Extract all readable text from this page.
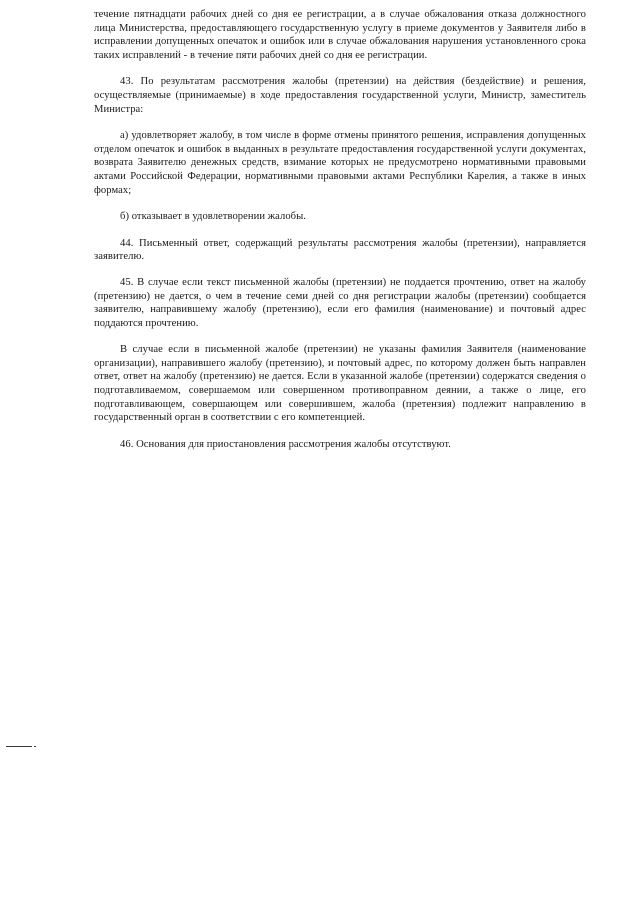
течение пятнадцати рабочих дней со дня ее регистрации, а в случае обжалования отказа должностного лица Министерства, предоставляющего государственную услугу в приеме документов у Заявителя либо в исправлении допущенных опечаток и ошибок или в случае обжалования нарушения установленного срока таких исправлений - в течение пяти рабочих дней со дня ее регистрации.

43. По результатам рассмотрения жалобы (претензии) на действия (бездействие) и решения, осуществляемые (принимаемые) в ходе предоставления государственной услуги, Министр, заместитель Министра:

а) удовлетворяет жалобу, в том числе в форме отмены принятого решения, исправления допущенных отделом опечаток и ошибок в выданных в результате предоставления государственной услуги документах, возврата Заявителю денежных средств, взимание которых не предусмотрено нормативными правовыми актами Российской Федерации, нормативными правовыми актами Республики Карелия, а также в иных формах;

б) отказывает в удовлетворении жалобы.

44. Письменный ответ, содержащий результаты рассмотрения жалобы (претензии), направляется заявителю.

45. В случае если текст письменной жалобы (претензии) не поддается прочтению, ответ на жалобу (претензию) не дается, о чем в течение семи дней со дня регистрации жалобы (претензии) сообщается заявителю, направившему жалобу (претензию), если его фамилия (наименование) и почтовый адрес поддаются прочтению.

В случае если в письменной жалобе (претензии) не указаны фамилия Заявителя (наименование организации), направившего жалобу (претензию), и почтовый адрес, по которому должен быть направлен ответ, ответ на жалобу (претензию) не дается. Если в указанной жалобе (претензии) содержатся сведения о подготавливаемом, совершаемом или совершенном противоправном деянии, а также о лице, его подготавливающем, совершающем или совершившем, жалоба (претензия) подлежит направлению в государственный орган в соответствии с его компетенцией.

46. Основания для приостановления рассмотрения жалобы отсутствуют.
